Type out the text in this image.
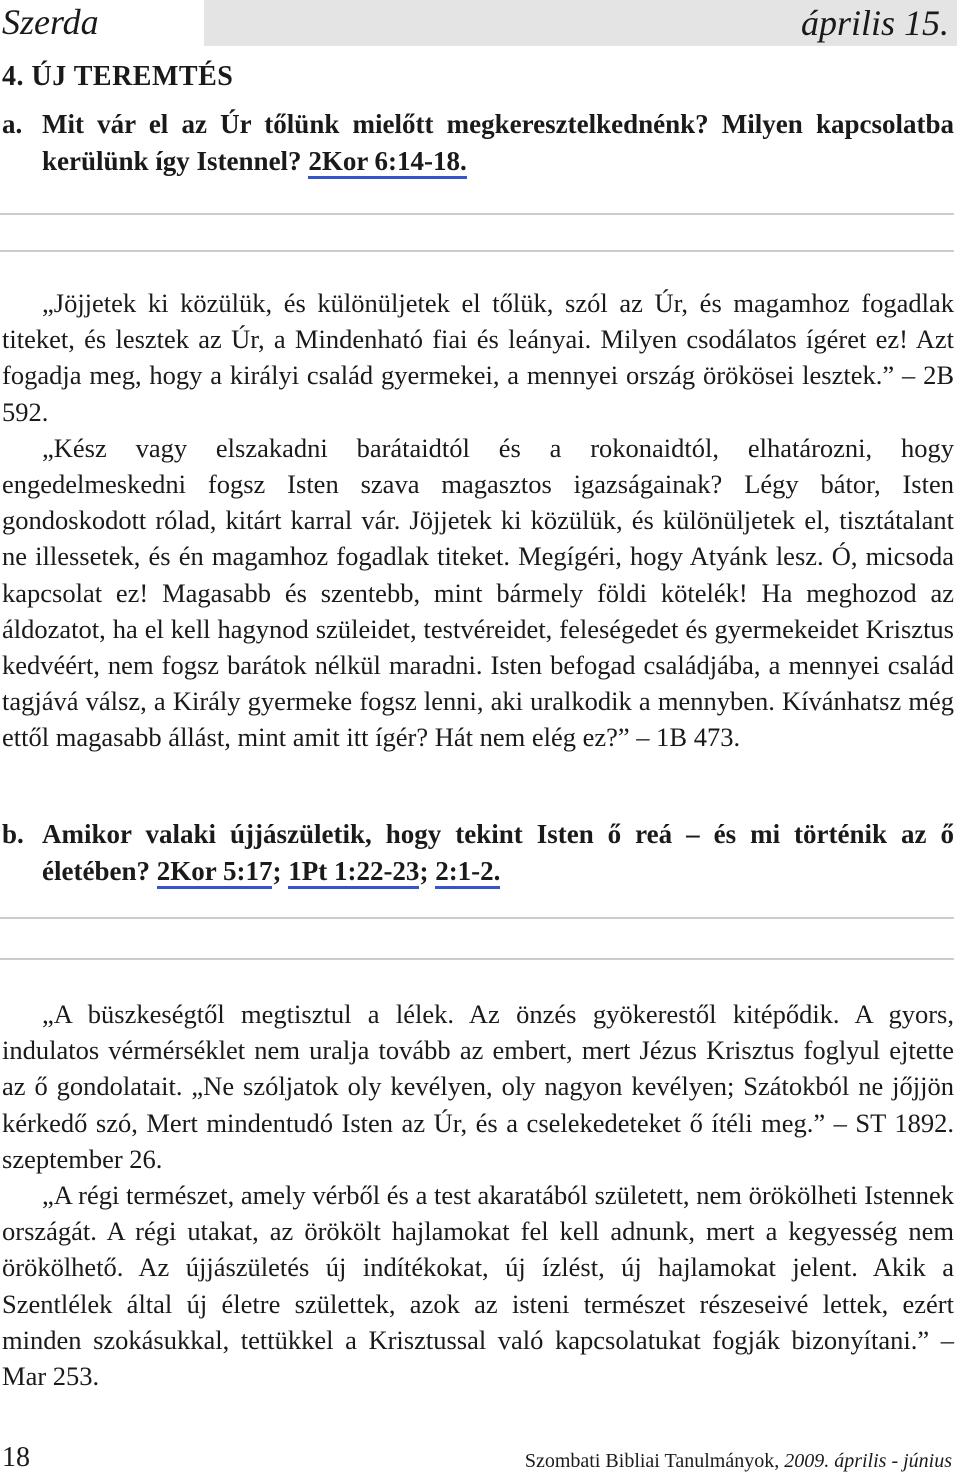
Szerda	április 15.
4. ÚJ TEREMTÉS
a. Mit vár el az Úr tőlünk mielőtt megkeresztelkednénk? Milyen kapcsolatba kerülünk így Istennel? 2Kor 6:14-18.

„Jöjjetek ki közülük, és különüljetek el tőlük, szól az Úr, és magamhoz fogadlak titeket, és lesztek az Úr, a Mindenható fiai és leányai. Milyen csodálatos ígéret ez! Azt fogadja meg, hogy a királyi család gyermekei, a mennyei ország örökösei lesztek.” – 2B 592.

„Kész vagy elszakadni barátaidtól és a rokonaidtól, elhatározni, hogy engedelmeskedni fogsz Isten szava magasztos igazságainak? Légy bátor, Isten gondoskodott rólad, kitárt karral vár. Jöjjetek ki közülük, és különüljetek el, tisztátalant ne illessetek, és én magamhoz fogadlak titeket. Megígéri, hogy Atyánk lesz. Ó, micsoda kapcsolat ez! Magasabb és szentebb, mint bármely földi kötelék! Ha meghozod az áldozatot, ha el kell hagynod szüleidet, testvéreidet, feleségedet és gyermekeidet Krisztus kedvéért, nem fogsz barátok nélkül maradni. Isten befogad családjába, a mennyei család tagjává válsz, a Király gyermeke fogsz lenni, aki uralkodik a mennyben. Kívánhatsz még ettől magasabb állást, mint amit itt ígér? Hát nem elég ez?” – 1B 473.

b. Amikor valaki újjászületik, hogy tekint Isten ő reá – és mi történik az ő életében? 2Kor 5:17; 1Pt 1:22-23; 2:1-2.

„A büszkeségtől megtisztul a lélek. Az önzés gyökerestől kitépődik. A gyors, indulatos vérmérséklet nem uralja tovább az embert, mert Jézus Krisztus foglyul ejtette az ő gondolatait. „Ne szóljatok oly kevélyen, oly nagyon kevélyen; Szátokból ne jőjjön kérkedő szó, Mert mindentudó Isten az Úr, és a cselekedeteket ő ítéli meg.” – ST 1892. szeptember 26.

„A régi természet, amely vérből és a test akaratából született, nem örökölheti Istennek országát. A régi utakat, az örökölt hajlamokat fel kell adnunk, mert a kegyesség nem örökölhető. Az újjászületés új indítékokat, új ízlést, új hajlamokat jelent. Akik a Szentlélek által új életre születtek, azok az isteni természet részeseivé lettek, ezért minden szokásukkal, tettükkel a Krisztussal való kapcsolatukat fogják bizonyítani.” – Mar 253.

18	Szombati Bibliai Tanulmányok, 2009. április - június
